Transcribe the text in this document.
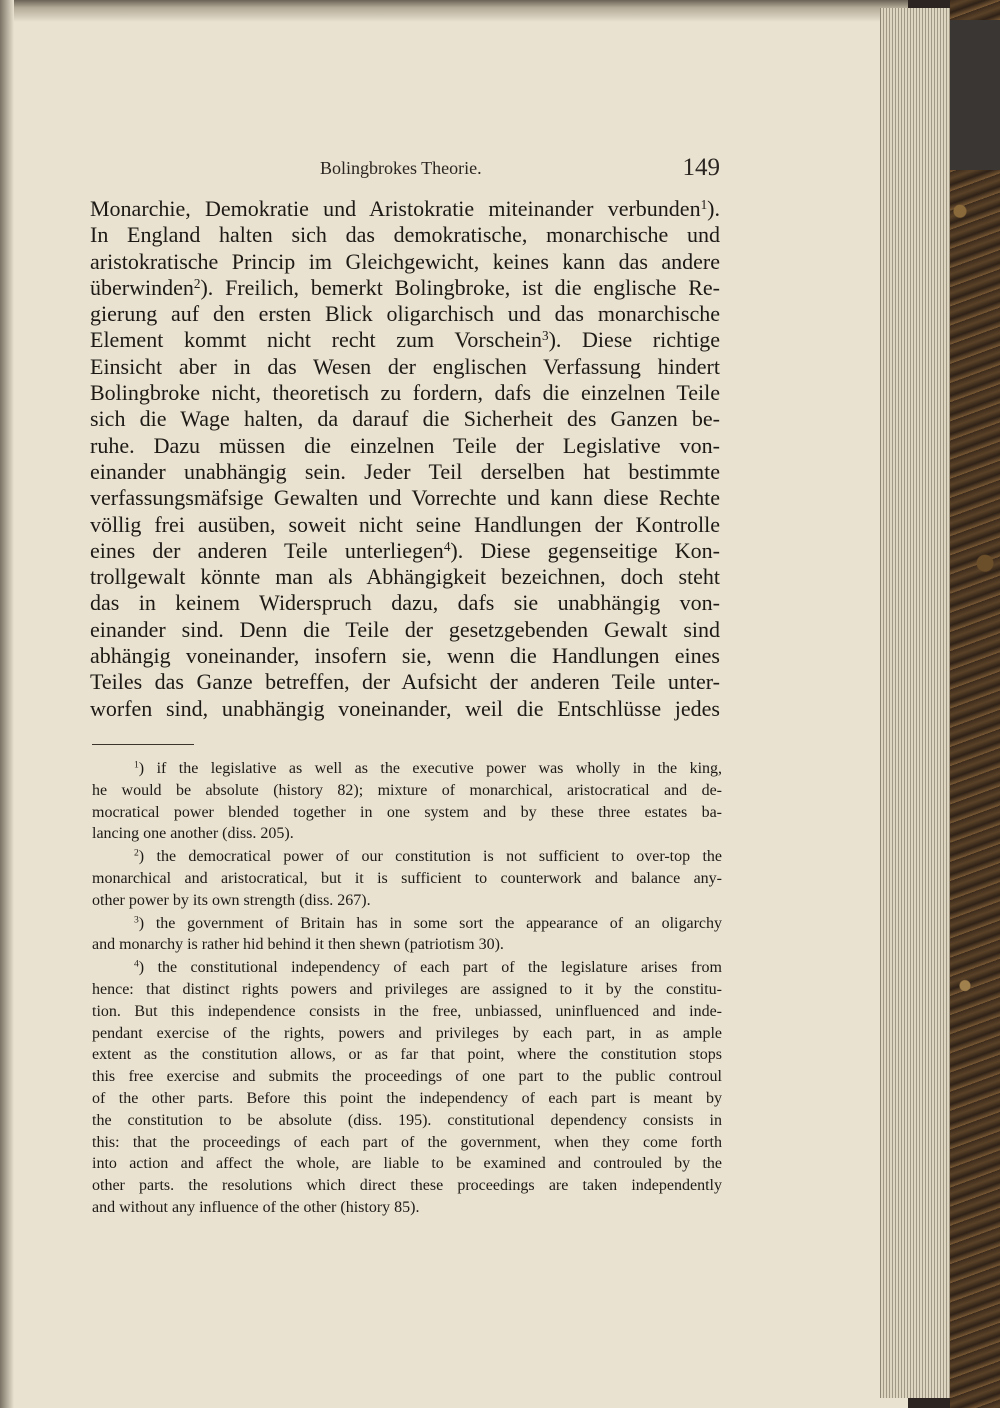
Bolingbrokes Theorie.	149
Monarchie, Demokratie und Aristokratie miteinander verbunden$^1$).
In England halten sich das demokratische, monarchische und
aristokratische Princip im Gleichgewicht, keines kann das andere
überwinden$^2$). Freilich, bemerkt Bolingbroke, ist die englische Re-
gierung auf den ersten Blick oligarchisch und das monarchische
Element kommt nicht recht zum Vorschein$^3$). Diese richtige
Einsicht aber in das Wesen der englischen Verfassung hindert
Bolingbroke nicht, theoretisch zu fordern, dafs die einzelnen Teile
sich die Wage halten, da darauf die Sicherheit des Ganzen be-
ruhe. Dazu müssen die einzelnen Teile der Legislative von-
einander unabhängig sein. Jeder Teil derselben hat bestimmte
verfassungsmäfsige Gewalten und Vorrechte und kann diese Rechte
völlig frei ausüben, soweit nicht seine Handlungen der Kontrolle
eines der anderen Teile unterliegen$^4$). Diese gegenseitige Kon-
trollgewalt könnte man als Abhängigkeit bezeichnen, doch steht
das in keinem Widerspruch dazu, dafs sie unabhängig von-
einander sind. Denn die Teile der gesetzgebenden Gewalt sind
abhängig voneinander, insofern sie, wenn die Handlungen eines
Teiles das Ganze betreffen, der Aufsicht der anderen Teile unter-
worfen sind, unabhängig voneinander, weil die Entschlüsse jedes
$^1$) if the legislative as well as the executive power was wholly in the king,
he would be absolute (history 82); mixture of monarchical, aristocratical and de-
mocratical power blended together in one system and by these three estates ba-
lancing one another (diss. 205).
$^2$) the democratical power of our constitution is not sufficient to over-top the
monarchical and aristocratical, but it is sufficient to counterwork and balance any-
other power by its own strength (diss. 267).
$^3$) the government of Britain has in some sort the appearance of an oligarchy
and monarchy is rather hid behind it then shewn (patriotism 30).
$^4$) the constitutional independency of each part of the legislature arises from
hence: that distinct rights powers and privileges are assigned to it by the constitu-
tion. But this independence consists in the free, unbiassed, uninfluenced and inde-
pendant exercise of the rights, powers and privileges by each part, in as ample
extent as the constitution allows, or as far that point, where the constitution stops
this free exercise and submits the proceedings of one part to the public controul
of the other parts. Before this point the independency of each part is meant by
the constitution to be absolute (diss. 195). constitutional dependency consists in
this: that the proceedings of each part of the government, when they come forth
into action and affect the whole, are liable to be examined and controuled by the
other parts. the resolutions which direct these proceedings are taken independently
and without any influence of the other (history 85).
